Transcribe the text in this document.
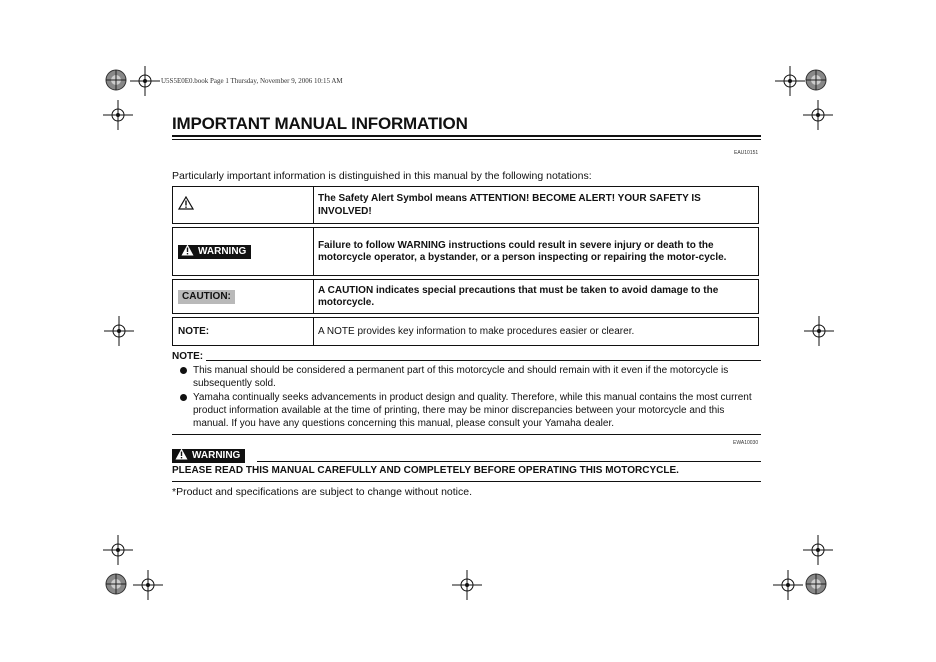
U5S5E0E0.book Page 1 Thursday, November 9, 2006 10:15 AM
IMPORTANT MANUAL INFORMATION
EAU10151
Particularly important information is distinguished in this manual by the following notations:
The Safety Alert Symbol means ATTENTION! BECOME ALERT! YOUR SAFETY IS INVOLVED!
WARNING
Failure to follow WARNING instructions could result in severe injury or death to the motorcycle operator, a bystander, or a person inspecting or repairing the motor-cycle.
CAUTION:
A CAUTION indicates special precautions that must be taken to avoid damage to the motorcycle.
NOTE:	A NOTE provides key information to make procedures easier or clearer.
NOTE:
This manual should be considered a permanent part of this motorcycle and should remain with it even if the motorcycle is subsequently sold.
Yamaha continually seeks advancements in product design and quality. Therefore, while this manual contains the most current product information available at the time of printing, there may be minor discrepancies between your motorcycle and this manual. If you have any questions concerning this manual, please consult your Yamaha dealer.
EWA10030
WARNING
PLEASE READ THIS MANUAL CAREFULLY AND COMPLETELY BEFORE OPERATING THIS MOTORCYCLE.
*Product and specifications are subject to change without notice.
